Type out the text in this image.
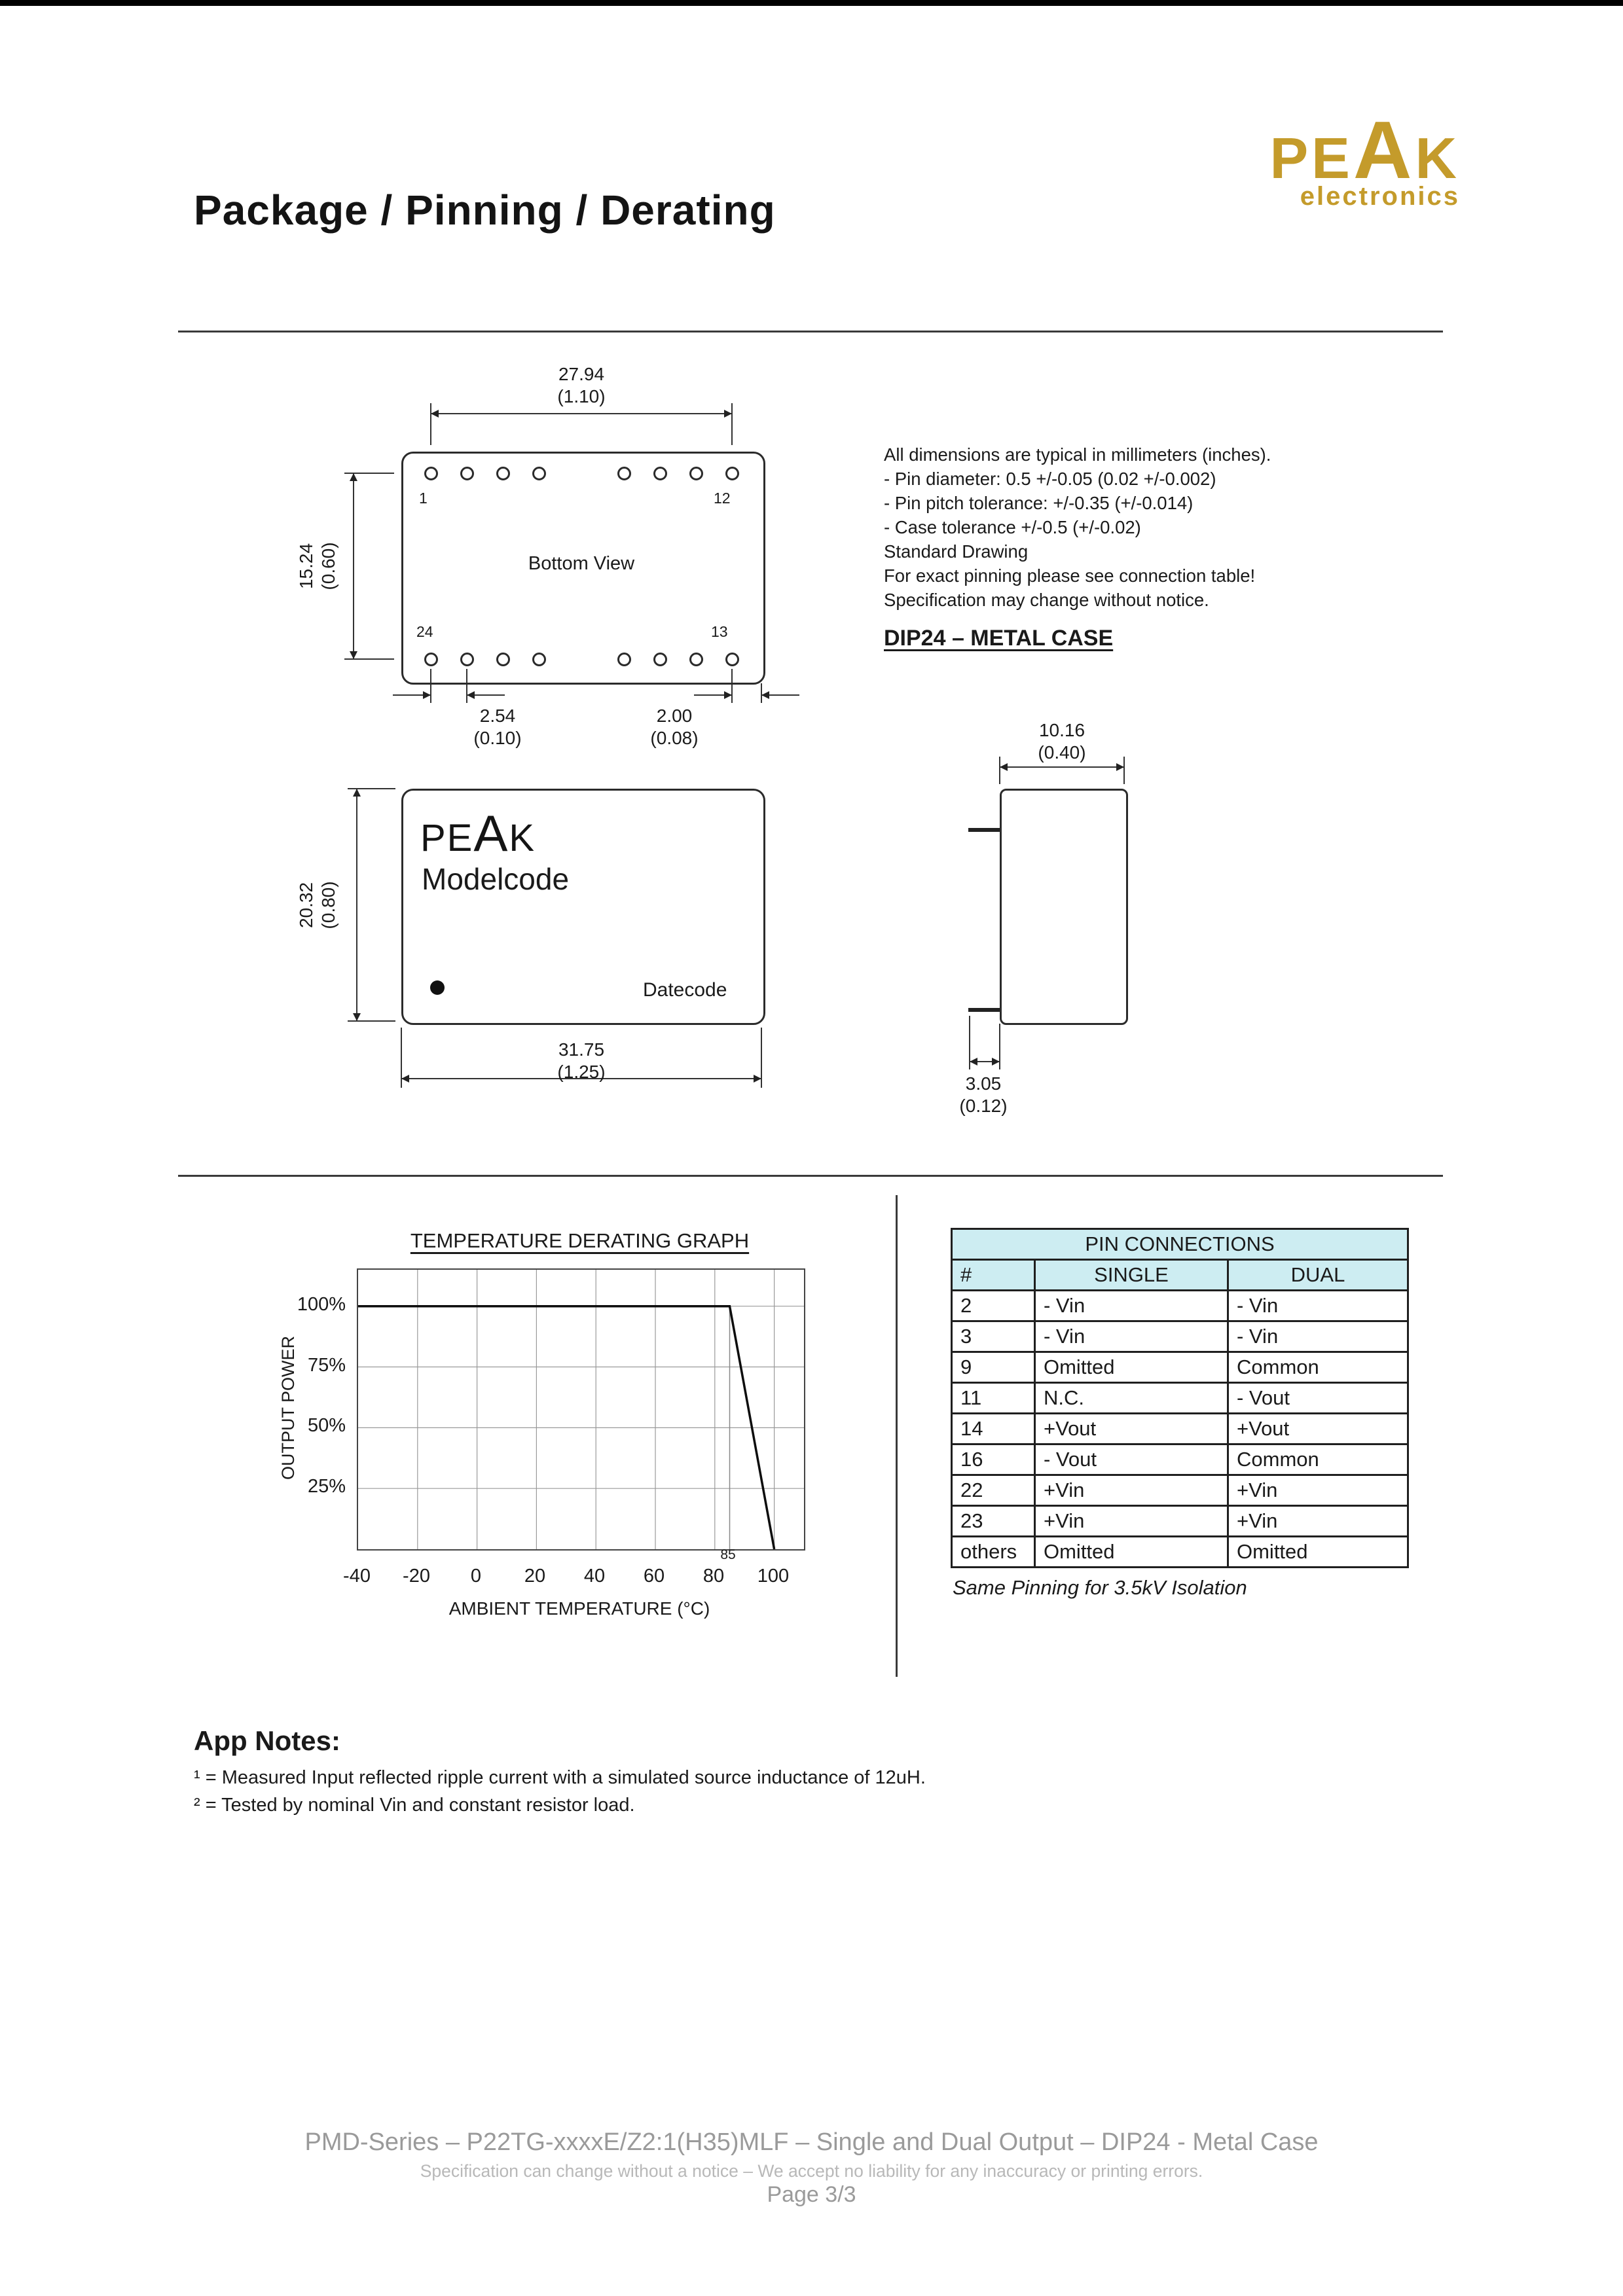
Package / Pinning / Derating
PEAK
electronics
1	12
24	13
Bottom View
27.94
(1.10)
15.24 (0.60)
2.54
(0.10)
2.00
(0.08)
All dimensions are typical in millimeters (inches).
- Pin diameter: 0.5 +/-0.05 (0.02 +/-0.002)
- Pin pitch tolerance: +/-0.35 (+/-0.014)
- Case tolerance +/-0.5 (+/-0.02)
Standard Drawing
For exact pinning please see connection table!
Specification may change without notice.
DIP24 – METAL CASE
PEAK
Modelcode
Datecode
20.32 (0.80)
31.75
(1.25)
10.16
(0.40)
3.05
(0.12)
TEMPERATURE DERATING GRAPH
100%
75%
50%
25%
-40	-20	0	20	40	60	80	100
85
AMBIENT TEMPERATURE (°C)
OUTPUT POWER
PIN CONNECTIONS		
#	SINGLE	DUAL
2	- Vin	- Vin
3	- Vin	- Vin
9	Omitted	Common
11	N.C.	- Vout
14	+Vout	+Vout
16	- Vout	Common
22	+Vin	+Vin
23	+Vin	+Vin
others	Omitted	Omitted
Same Pinning for 3.5kV Isolation
App Notes:
¹ = Measured Input reflected ripple current with a simulated source inductance of 12uH.
² = Tested by nominal Vin and constant resistor load.
PMD-Series – P22TG-xxxxE/Z2:1(H35)MLF – Single and Dual Output – DIP24 - Metal Case
Specification can change without a notice – We accept no liability for any inaccuracy or printing errors.
Page 3/3
